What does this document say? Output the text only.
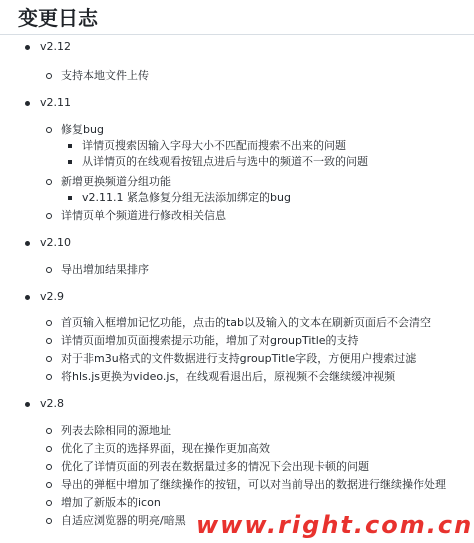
变更日志
v2.12
支持本地文件上传
v2.11
修复bug
详情页搜索因输入字母大小不匹配而搜索不出来的问题
从详情页的在线观看按钮点进后与选中的频道不一致的问题
新增更换频道分组功能
v2.11.1 紧急修复分组无法添加绑定的bug
详情页单个频道进行修改相关信息
v2.10
导出增加结果排序
v2.9
首页输入框增加记忆功能，点击的tab以及输入的文本在刷新页面后不会清空
详情页面增加页面搜索提示功能，增加了对groupTitle的支持
对于非m3u格式的文件数据进行支持groupTitle字段，方便用户搜索过滤
将hls.js更换为video.js，在线观看退出后，原视频不会继续缓冲视频
v2.8
列表去除相同的源地址
优化了主页的选择界面，现在操作更加高效
优化了详情页面的列表在数据量过多的情况下会出现卡顿的问题
导出的弹框中增加了继续操作的按钮，可以对当前导出的数据进行继续操作处理
增加了新版本的icon
自适应浏览器的明亮/暗黑 www.right.com.cn
